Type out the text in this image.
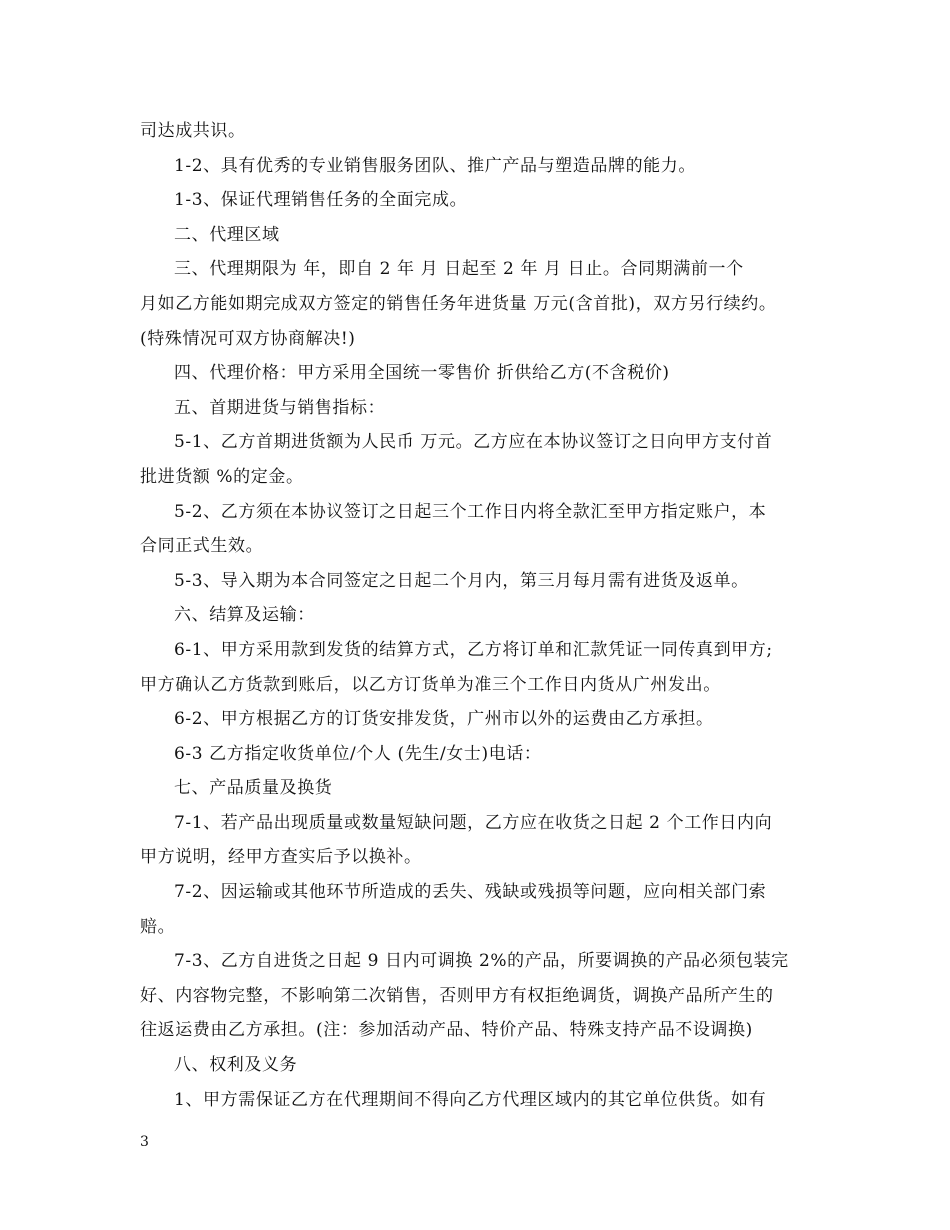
司达成共识。
1-2、具有优秀的专业销售服务团队、推广产品与塑造品牌的能力。
1-3、保证代理销售任务的全面完成。
二、代理区域
三、代理期限为 年，即自 2 年 月 日起至 2 年 月 日止。合同期满前一个
月如乙方能如期完成双方签定的销售任务年进货量 万元(含首批)，双方另行续约。
(特殊情况可双方协商解决!)
四、代理价格：甲方采用全国统一零售价 折供给乙方(不含税价)
五、首期进货与销售指标：
5-1、乙方首期进货额为人民币 万元。乙方应在本协议签订之日向甲方支付首
批进货额 %的定金。
5-2、乙方须在本协议签订之日起三个工作日内将全款汇至甲方指定账户，本
合同正式生效。
5-3、导入期为本合同签定之日起二个月内，第三月每月需有进货及返单。
六、结算及运输：
6-1、甲方采用款到发货的结算方式，乙方将订单和汇款凭证一同传真到甲方;
甲方确认乙方货款到账后，以乙方订货单为准三个工作日内货从广州发出。
6-2、甲方根据乙方的订货安排发货，广州市以外的运费由乙方承担。
6-3 乙方指定收货单位/个人 (先生/女士)电话：
七、产品质量及换货
7-1、若产品出现质量或数量短缺问题，乙方应在收货之日起 2 个工作日内向
甲方说明，经甲方查实后予以换补。
7-2、因运输或其他环节所造成的丢失、残缺或残损等问题，应向相关部门索
赔。
7-3、乙方自进货之日起 9 日内可调换 2%的产品，所要调换的产品必须包装完
好、内容物完整，不影响第二次销售，否则甲方有权拒绝调货，调换产品所产生的
往返运费由乙方承担。(注：参加活动产品、特价产品、特殊支持产品不设调换)
八、权利及义务
1、甲方需保证乙方在代理期间不得向乙方代理区域内的其它单位供货。如有
3
